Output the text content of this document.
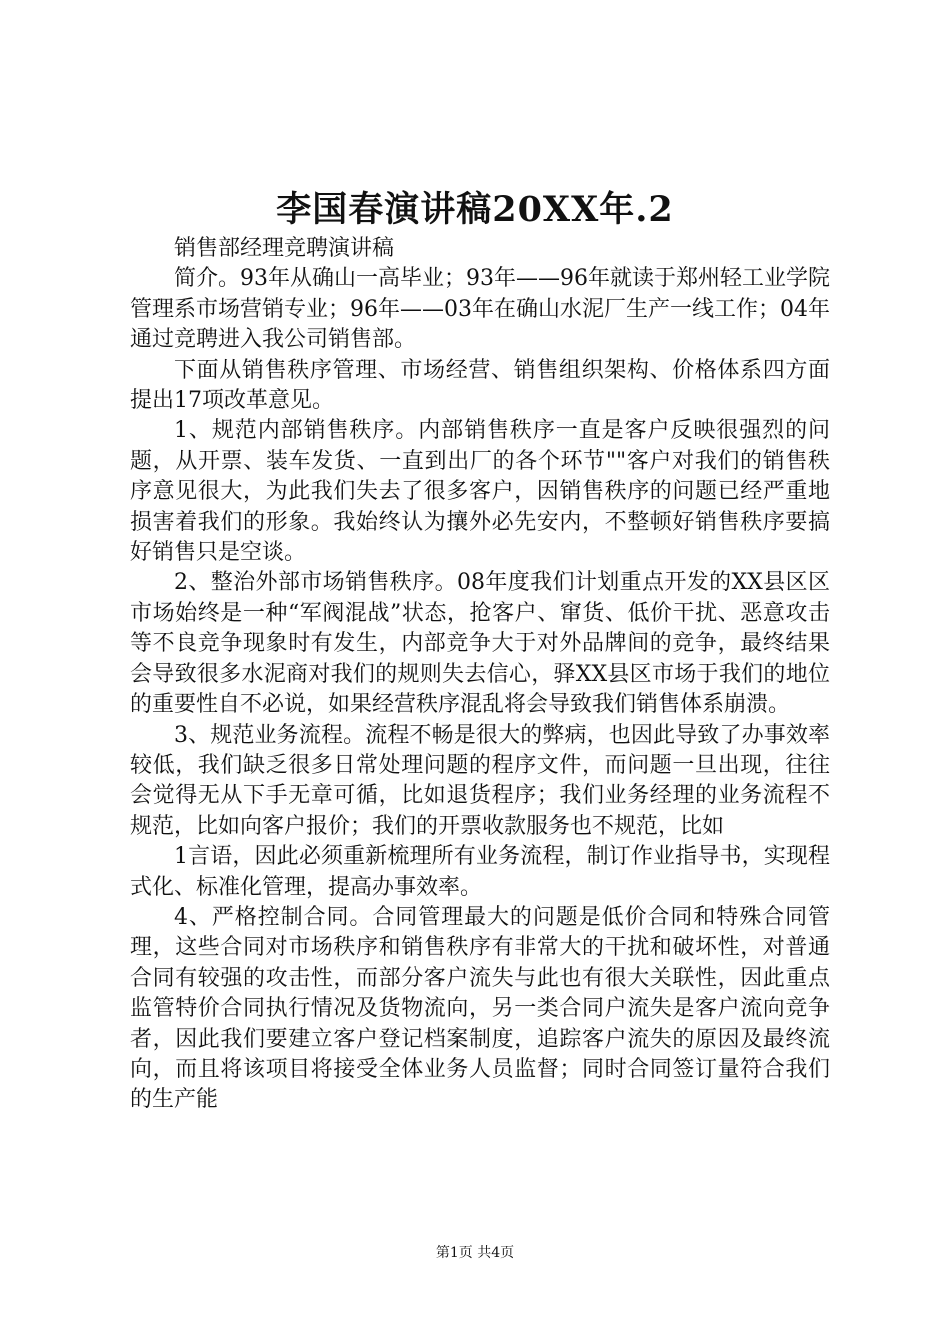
李国春演讲稿20XX年.2

销售部经理竞聘演讲稿

简介。93年从确山一高毕业；93年——96年就读于郑州轻工业学院管理系市场营销专业；96年——03年在确山水泥厂生产一线工作；04年通过竞聘进入我公司销售部。

下面从销售秩序管理、市场经营、销售组织架构、价格体系四方面提出17项改革意见。

1、规范内部销售秩序。内部销售秩序一直是客户反映很强烈的问题，从开票、装车发货、一直到出厂的各个环节""客户对我们的销售秩序意见很大，为此我们失去了很多客户，因销售秩序的问题已经严重地损害着我们的形象。我始终认为攘外必先安内，不整顿好销售秩序要搞好销售只是空谈。

2、整治外部市场销售秩序。08年度我们计划重点开发的XX县区区市场始终是一种“军阀混战”状态，抢客户、窜货、低价干扰、恶意攻击等不良竞争现象时有发生，内部竞争大于对外品牌间的竞争，最终结果会导致很多水泥商对我们的规则失去信心，驿XX县区市场于我们的地位的重要性自不必说，如果经营秩序混乱将会导致我们销售体系崩溃。

3、规范业务流程。流程不畅是很大的弊病，也因此导致了办事效率较低，我们缺乏很多日常处理问题的程序文件，而问题一旦出现，往往会觉得无从下手无章可循，比如退货程序；我们业务经理的业务流程不规范，比如向客户报价；我们的开票收款服务也不规范，比如

1言语，因此必须重新梳理所有业务流程，制订作业指导书，实现程式化、标准化管理，提高办事效率。

4、严格控制合同。合同管理最大的问题是低价合同和特殊合同管理，这些合同对市场秩序和销售秩序有非常大的干扰和破坏性，对普通合同有较强的攻击性，而部分客户流失与此也有很大关联性，因此重点监管特价合同执行情况及货物流向，另一类合同户流失是客户流向竞争者，因此我们要建立客户登记档案制度，追踪客户流失的原因及最终流向，而且将该项目将接受全体业务人员监督；同时合同签订量符合我们的生产能

第1页 共4页
